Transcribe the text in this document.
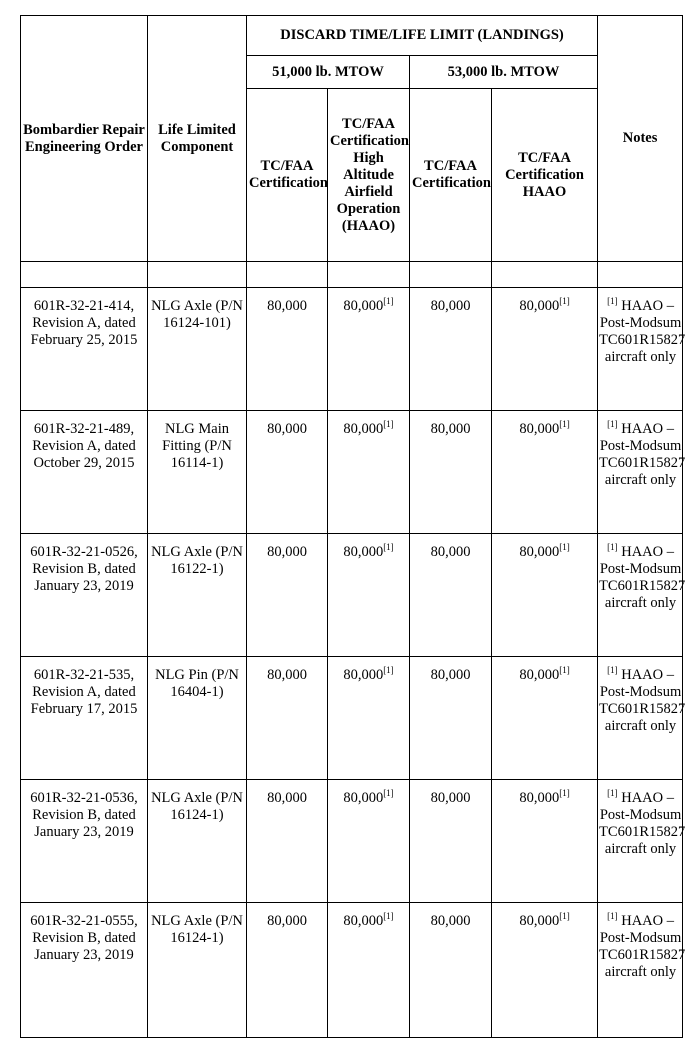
Bombardier Repair Engineering Order	Life Limited Component	DISCARD TIME/LIFE LIMIT (LANDINGS)				Notes
		51,000 lb. MTOW		53,000 lb. MTOW		
		TC/FAA Certification	TC/FAA Certification High Altitude Airfield Operation (HAAO)	TC/FAA Certification	TC/FAA Certification HAAO	

601R-32-21-414, Revision A, dated February 25, 2015	NLG Axle (P/N 16124-101)	80,000	80,000[1]	80,000	80,000[1]	[1] HAAO – Post-Modsum TC601R15827 aircraft only
601R-32-21-489, Revision A, dated October 29, 2015	NLG Main Fitting (P/N 16114-1)	80,000	80,000[1]	80,000	80,000[1]	[1] HAAO – Post-Modsum TC601R15827 aircraft only
601R-32-21-0526, Revision B, dated January 23, 2019	NLG Axle (P/N 16122-1)	80,000	80,000[1]	80,000	80,000[1]	[1] HAAO – Post-Modsum TC601R15827 aircraft only
601R-32-21-535, Revision A, dated February 17, 2015	NLG Pin (P/N 16404-1)	80,000	80,000[1]	80,000	80,000[1]	[1] HAAO – Post-Modsum TC601R15827 aircraft only
601R-32-21-0536, Revision B, dated January 23, 2019	NLG Axle (P/N 16124-1)	80,000	80,000[1]	80,000	80,000[1]	[1] HAAO – Post-Modsum TC601R15827 aircraft only
601R-32-21-0555, Revision B, dated January 23, 2019	NLG Axle (P/N 16124-1)	80,000	80,000[1]	80,000	80,000[1]	[1] HAAO – Post-Modsum TC601R15827 aircraft only
